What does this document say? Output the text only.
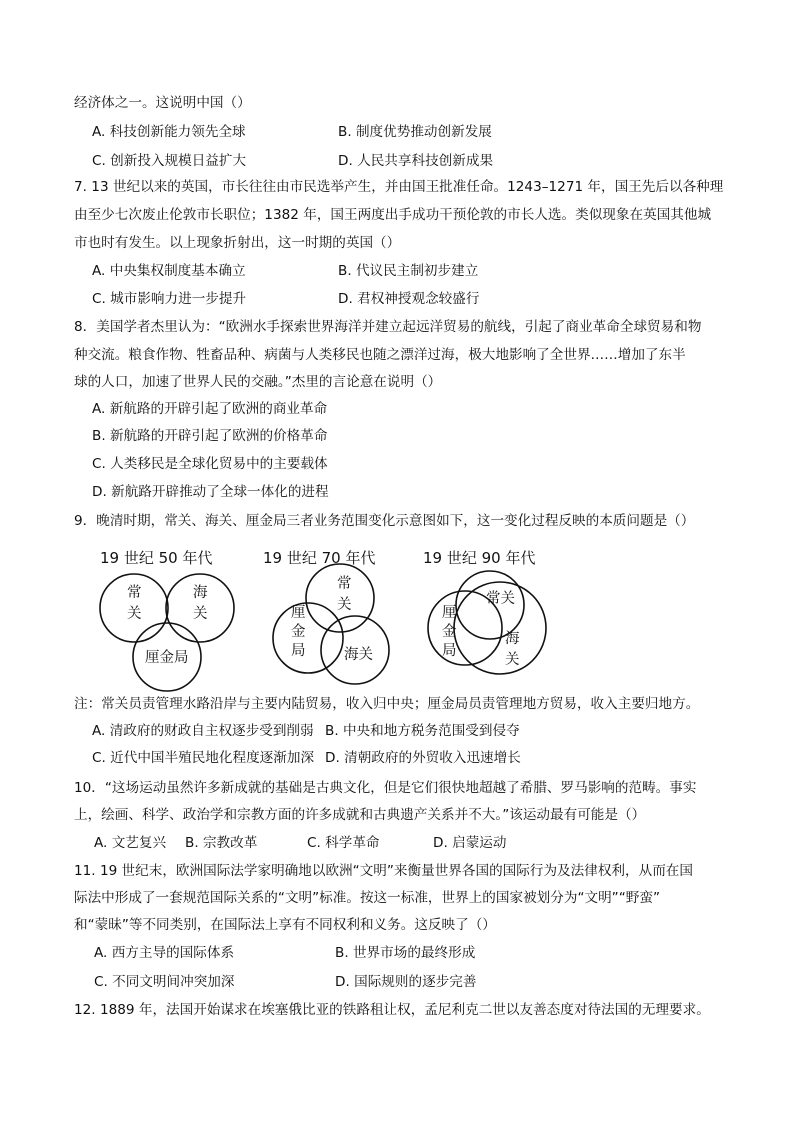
经济体之一。这说明中国（）
A. 科技创新能力领先全球	B. 制度优势推动创新发展
C. 创新投入规模日益扩大	D. 人民共享科技创新成果
7. 13 世纪以来的英国，市长往往由市民选举产生，并由国王批准任命。1243–1271 年，国王先后以各种理
由至少七次废止伦敦市长职位；1382 年，国王两度出手成功干预伦敦的市长人选。类似现象在英国其他城
市也时有发生。以上现象折射出，这一时期的英国（）
A. 中央集权制度基本确立	B. 代议民主制初步建立
C. 城市影响力进一步提升	D. 君权神授观念较盛行
8．美国学者杰里认为：“欧洲水手探索世界海洋并建立起远洋贸易的航线，引起了商业革命全球贸易和物
种交流。粮食作物、牲畜品种、病菌与人类移民也随之漂洋过海，极大地影响了全世界……增加了东半
球的人口，加速了世界人民的交融。”杰里的言论意在说明（）
A. 新航路的开辟引起了欧洲的商业革命
B. 新航路的开辟引起了欧洲的价格革命
C. 人类移民是全球化贸易中的主要载体
D. 新航路开辟推动了全球一体化的进程
9．晚清时期，常关、海关、厘金局三者业务范围变化示意图如下，这一变化过程反映的本质问题是（）
19 世纪 50 年代	19 世纪 70 年代	19 世纪 90 年代
常
关
海
关
厘金局
常
关
厘
金
局	海关
常关
厘
金
局
海
关
注：常关员责管理水路沿岸与主要内陆贸易，收入归中央；厘金局员责管理地方贸易，收入主要归地方。
A. 清政府的财政自主权逐步受到削弱 B. 中央和地方税务范围受到侵夺
C. 近代中国半殖民地化程度逐渐加深 D. 清朝政府的外贸收入迅速增长
10．“这场运动虽然许多新成就的基础是古典文化，但是它们很快地超越了希腊、罗马影响的范畴。事实
上，绘画、科学、政治学和宗教方面的许多成就和古典遗产关系并不大。”该运动最有可能是（）
A. 文艺复兴 B. 宗教改革	C. 科学革命	D. 启蒙运动
11. 19 世纪末，欧洲国际法学家明确地以欧洲“文明”来衡量世界各国的国际行为及法律权利，从而在国
际法中形成了一套规范国际关系的“文明”标准。按这一标准，世界上的国家被划分为“文明”“野蛮”
和“蒙昧”等不同类别，在国际法上享有不同权利和义务。这反映了（）
A. 西方主导的国际体系	B. 世界市场的最终形成
C. 不同文明间冲突加深	D. 国际规则的逐步完善
12. 1889 年，法国开始谋求在埃塞俄比亚的铁路租让权，孟尼利克二世以友善态度对待法国的无理要求。
